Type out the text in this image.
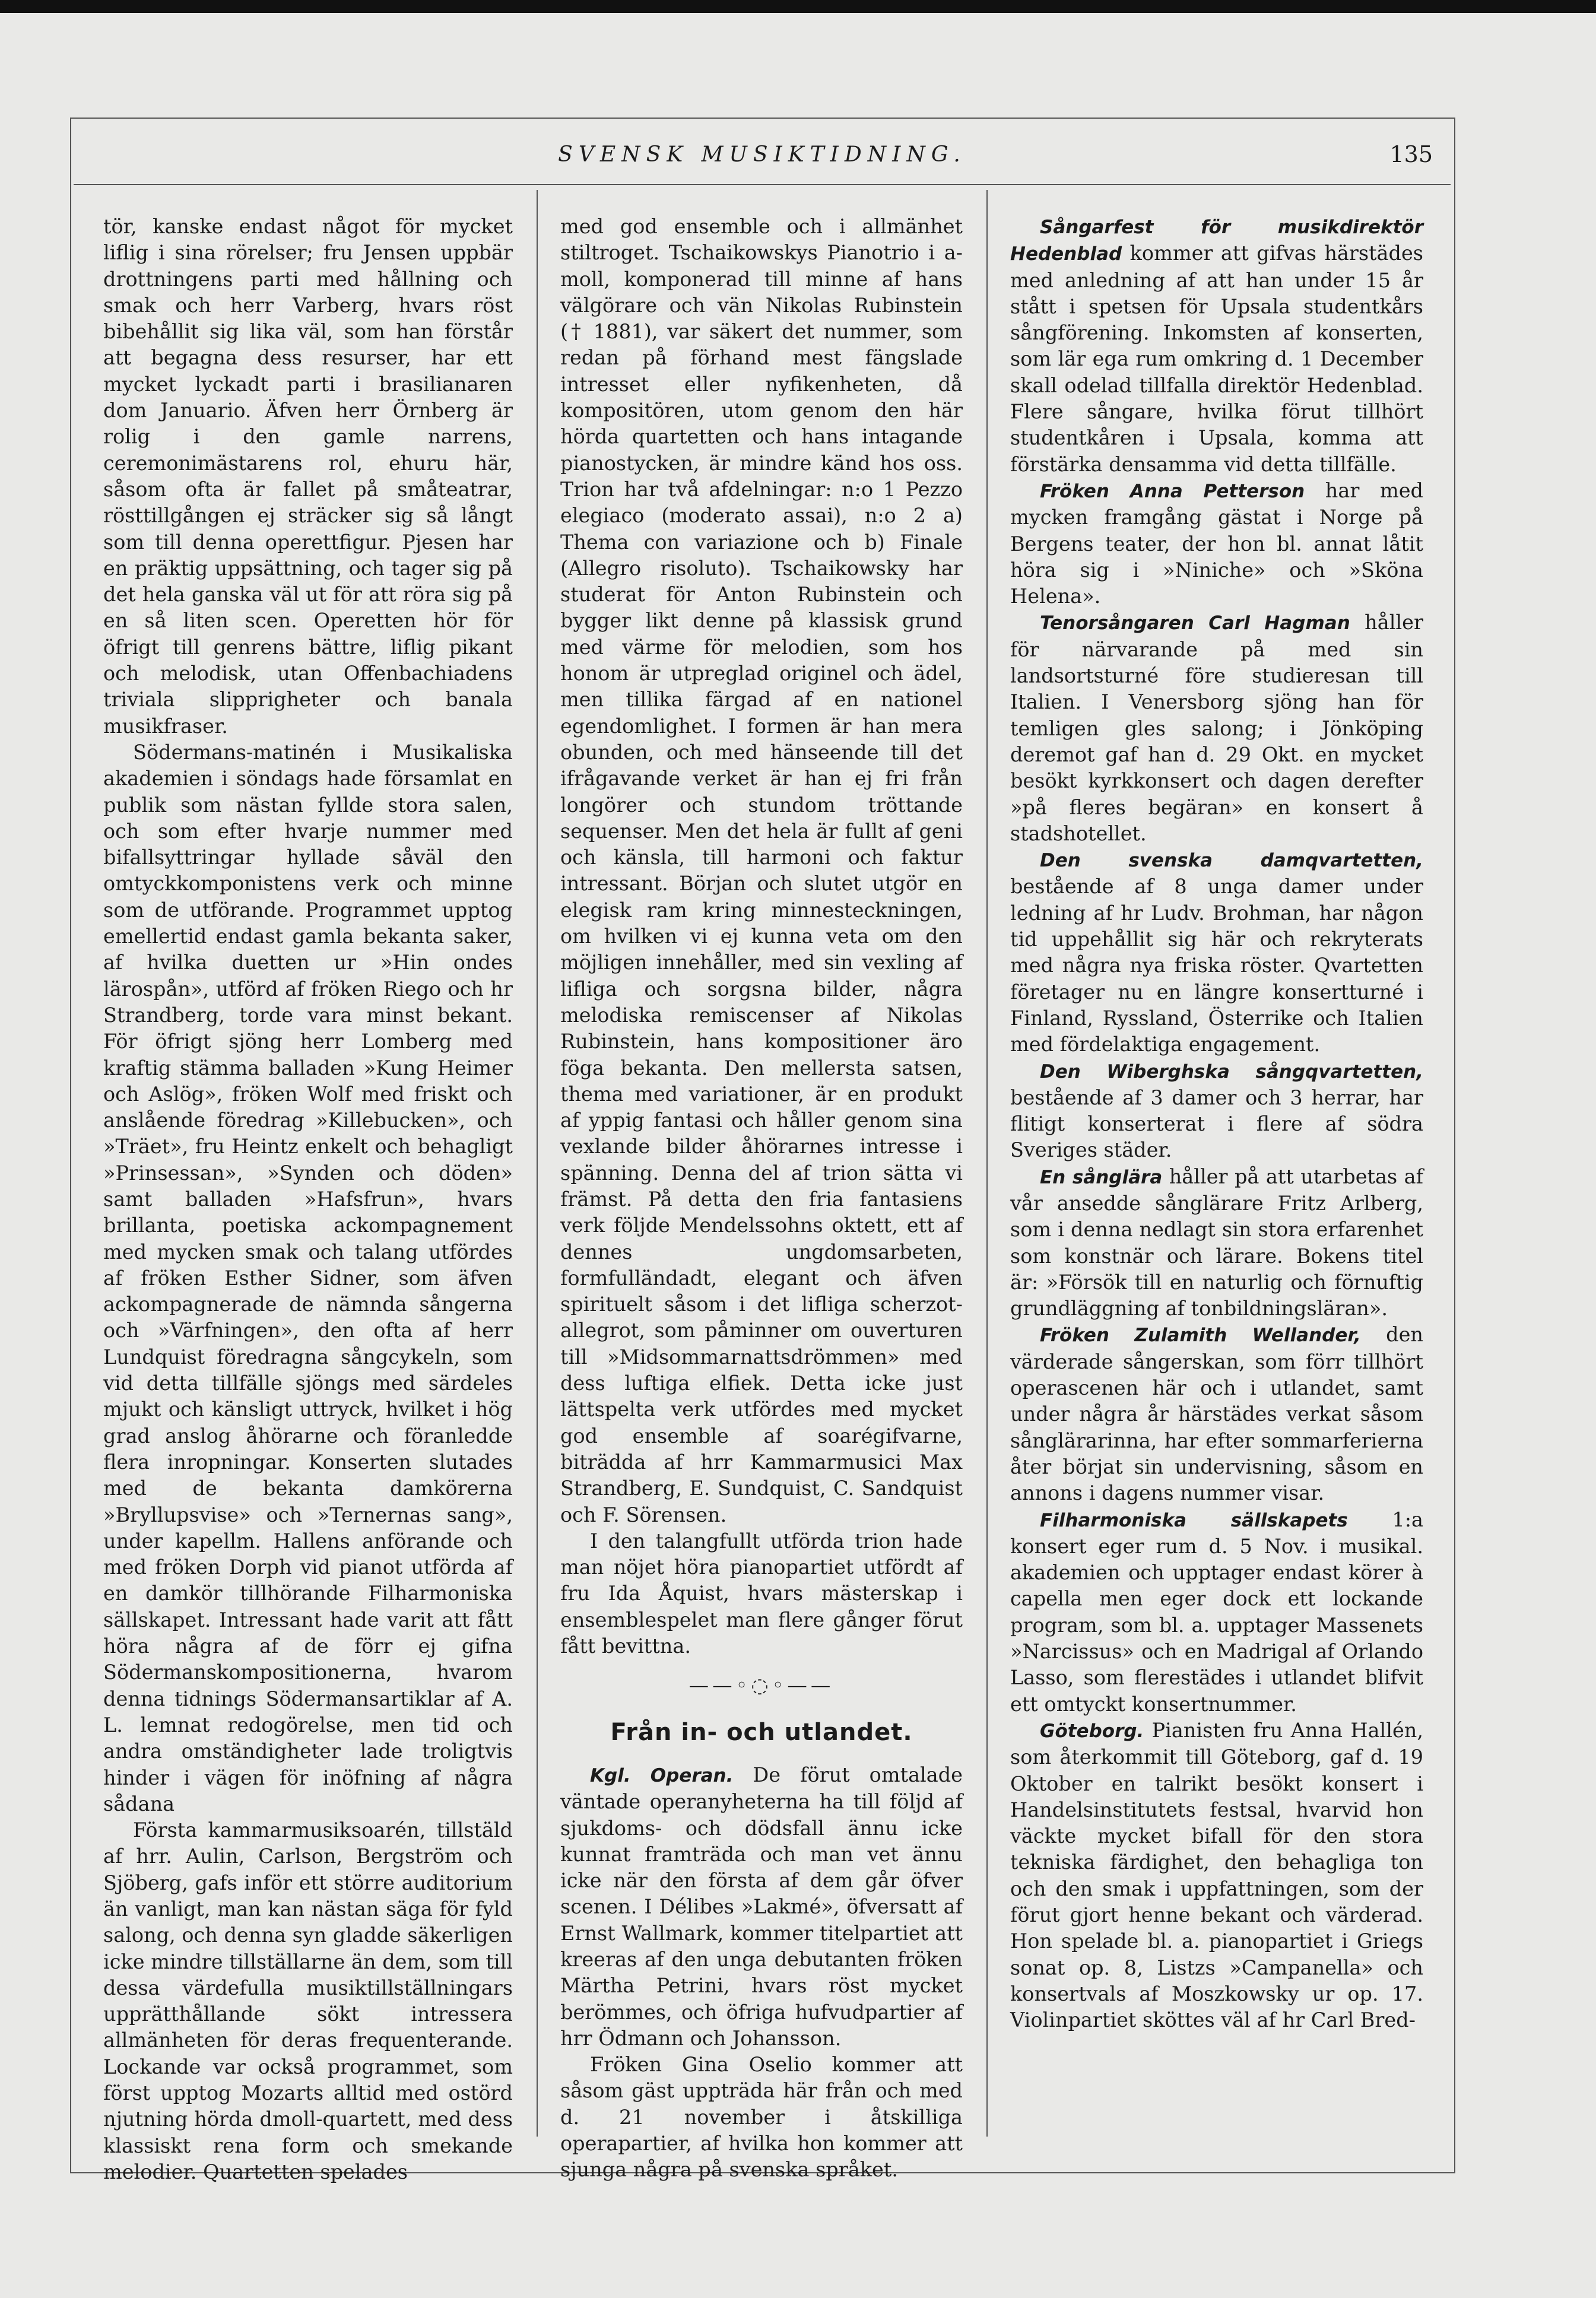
SVENSK MUSIKTIDNING.	135

tör, kanske endast något för mycket liflig i sina rörelser; fru Jensen uppbär drottningens parti med hållning och smak och herr Varberg, hvars röst bibehållit sig lika väl, som han förstår att begagna dess resurser, har ett mycket lyckadt parti i brasilianaren dom Januario. Äfven herr Örnberg är rolig i den gamle narrens, ceremonimästarens rol, ehuru här, såsom ofta är fallet på småteatrar, rösttillgången ej sträcker sig så långt som till denna operettfigur. Pjesen har en präktig uppsättning, och tager sig på det hela ganska väl ut för att röra sig på en så liten scen. Operetten hör för öfrigt till genrens bättre, liflig pikant och melodisk, utan Offenbachiadens triviala slipprigheter och banala musikfraser.

Södermans-matinén i Musikaliska akademien i söndags hade församlat en publik som nästan fyllde stora salen, och som efter hvarje nummer med bifallsyttringar hyllade såväl den omtyckkomponistens verk och minne som de utförande. Programmet upptog emellertid endast gamla bekanta saker, af hvilka duetten ur »Hin ondes lärospån», utförd af fröken Riego och hr Strandberg, torde vara minst bekant. För öfrigt sjöng herr Lomberg med kraftig stämma balladen »Kung Heimer och Aslög», fröken Wolf med friskt och anslående föredrag »Killebucken», och »Träet», fru Heintz enkelt och behagligt »Prinsessan», »Synden och döden» samt balladen »Hafsfrun», hvars brillanta, poetiska ackompagnement med mycken smak och talang utfördes af fröken Esther Sidner, som äfven ackompagnerade de nämnda sångerna och »Värfningen», den ofta af herr Lundquist föredragna sångcykeln, som vid detta tillfälle sjöngs med särdeles mjukt och känsligt uttryck, hvilket i hög grad anslog åhörarne och föranledde flera inropningar. Konserten slutades med de bekanta damkörerna »Bryllupsvise» och »Ternernas sang», under kapellm. Hallens anförande och med fröken Dorph vid pianot utförda af en damkör tillhörande Filharmoniska sällskapet. Intressant hade varit att fått höra några af de förr ej gifna Södermanskompositionerna, hvarom denna tidnings Södermansartiklar af A. L. lemnat redogörelse, men tid och andra omständigheter lade troligtvis hinder i vägen för inöfning af några sådana

Första kammarmusiksoarén, tillstäld af hrr. Aulin, Carlson, Bergström och Sjöberg, gafs inför ett större auditorium än vanligt, man kan nästan säga för fyld salong, och denna syn gladde säkerligen icke mindre tillställarne än dem, som till dessa värdefulla musiktillställningars upprätthållande sökt intressera allmänheten för deras frequenterande. Lockande var också programmet, som först upptog Mozarts alltid med ostörd njutning hörda dmoll-quartett, med dess klassiskt rena form och smekande melodier. Quartetten spelades

med god ensemble och i allmänhet stiltroget. Tschaikowskys Pianotrio i a-moll, komponerad till minne af hans välgörare och vän Nikolas Rubinstein († 1881), var säkert det nummer, som redan på förhand mest fängslade intresset eller nyfikenheten, då kompositören, utom genom den här hörda quartetten och hans intagande pianostycken, är mindre känd hos oss. Trion har två afdelningar: n:o 1 Pezzo elegiaco (moderato assai), n:o 2 a) Thema con variazione och b) Finale (Allegro risoluto). Tschaikowsky har studerat för Anton Rubinstein och bygger likt denne på klassisk grund med värme för melodien, som hos honom är utpreglad originel och ädel, men tillika färgad af en nationel egendomlighet. I formen är han mera obunden, och med hänseende till det ifrågavande verket är han ej fri från longörer och stundom tröttande sequenser. Men det hela är fullt af geni och känsla, till harmoni och faktur intressant. Början och slutet utgör en elegisk ram kring minnesteckningen, om hvilken vi ej kunna veta om den möjligen innehåller, med sin vexling af lifliga och sorgsna bilder, några melodiska remiscenser af Nikolas Rubinstein, hans kompositioner äro föga bekanta. Den mellersta satsen, thema med variationer, är en produkt af yppig fantasi och håller genom sina vexlande bilder åhörarnes intresse i spänning. Denna del af trion sätta vi främst. På detta den fria fantasiens verk följde Mendelssohns oktett, ett af dennes ungdomsarbeten, formfulländadt, elegant och äfven spirituelt såsom i det lifliga scherzot-allegrot, som påminner om ouverturen till »Midsommarnattsdrömmen» med dess luftiga elfiek. Detta icke just lättspelta verk utfördes med mycket god ensemble af soarégifvarne, biträdda af hrr Kammarmusici Max Strandberg, E. Sundquist, C. Sandquist och F. Sörensen.

I den talangfullt utförda trion hade man nöjet höra pianopartiet utfördt af fru Ida Åquist, hvars mästerskap i ensemblespelet man flere gånger förut fått bevittna.

——◦◌◦——
Från in- och utlandet.

Kgl. Operan. De förut omtalade väntade operanyheterna ha till följd af sjukdoms- och dödsfall ännu icke kunnat framträda och man vet ännu icke när den första af dem går öfver scenen. I Délibes »Lakmé», öfversatt af Ernst Wallmark, kommer titelpartiet att kreeras af den unga debutanten fröken Märtha Petrini, hvars röst mycket berömmes, och öfriga hufvudpartier af hrr Ödmann och Johansson.

Fröken Gina Oselio kommer att såsom gäst uppträda här från och med d. 21 november i åtskilliga operapartier, af hvilka hon kommer att sjunga några på svenska språket.

Sångarfest för musikdirektör Hedenblad kommer att gifvas härstädes med anledning af att han under 15 år stått i spetsen för Upsala studentkårs sångförening. Inkomsten af konserten, som lär ega rum omkring d. 1 December skall odelad tillfalla direktör Hedenblad. Flere sångare, hvilka förut tillhört studentkåren i Upsala, komma att förstärka densamma vid detta tillfälle.

Fröken Anna Petterson har med mycken framgång gästat i Norge på Bergens teater, der hon bl. annat låtit höra sig i »Niniche» och »Sköna Helena».

Tenorsångaren Carl Hagman håller för närvarande på med sin landsortsturné före studieresan till Italien. I Venersborg sjöng han för temligen gles salong; i Jönköping deremot gaf han d. 29 Okt. en mycket besökt kyrkkonsert och dagen derefter »på fleres begäran» en konsert å stadshotellet.

Den svenska damqvartetten, bestående af 8 unga damer under ledning af hr Ludv. Brohman, har någon tid uppehållit sig här och rekryterats med några nya friska röster. Qvartetten företager nu en längre konsertturné i Finland, Ryssland, Österrike och Italien med fördelaktiga engagement.

Den Wiberghska sångqvartetten, bestående af 3 damer och 3 herrar, har flitigt konserterat i flere af södra Sveriges städer.

En sånglära håller på att utarbetas af vår ansedde sånglärare Fritz Arlberg, som i denna nedlagt sin stora erfarenhet som konstnär och lärare. Bokens titel är: »Försök till en naturlig och förnuftig grundläggning af tonbildningsläran».

Fröken Zulamith Wellander, den värderade sångerskan, som förr tillhört operascenen här och i utlandet, samt under några år härstädes verkat såsom sånglärarinna, har efter sommarferierna åter börjat sin undervisning, såsom en annons i dagens nummer visar.

Filharmoniska sällskapets 1:a konsert eger rum d. 5 Nov. i musikal. akademien och upptager endast körer à capella men eger dock ett lockande program, som bl. a. upptager Massenets »Narcissus» och en Madrigal af Orlando Lasso, som flerestädes i utlandet blifvit ett omtyckt konsertnummer.

Göteborg. Pianisten fru Anna Hallén, som återkommit till Göteborg, gaf d. 19 Oktober en talrikt besökt konsert i Handelsinstitutets festsal, hvarvid hon väckte mycket bifall för den stora tekniska färdighet, den behagliga ton och den smak i uppfattningen, som der förut gjort henne bekant och värderad. Hon spelade bl. a. pianopartiet i Griegs sonat op. 8, Listzs »Campanella» och konsertvals af Moszkowsky ur op. 17. Violinpartiet sköttes väl af hr Carl Bred-
